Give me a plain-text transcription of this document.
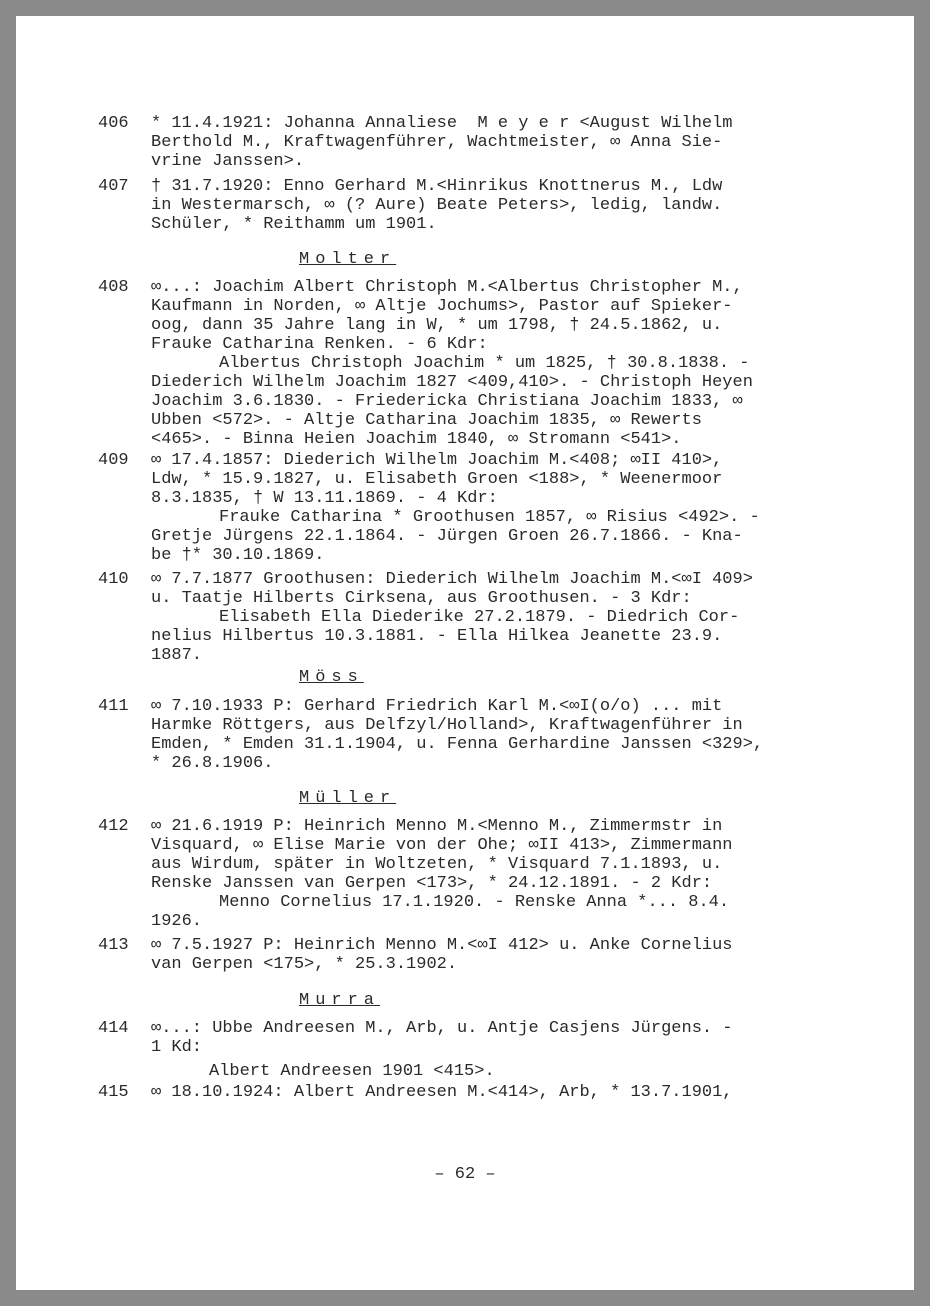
406 * 11.4.1921: Johanna Annaliese  M e y e r <August Wilhelm
Berthold M., Kraftwagenführer, Wachtmeister, ∞ Anna Sie-
vrine Janssen>.
407 † 31.7.1920: Enno Gerhard M.<Hinrikus Knottnerus M., Ldw
in Westermarsch, ∞ (? Aure) Beate Peters>, ledig, landw.
Schüler, * Reithamm um 1901.
Molter
408 ∞...: Joachim Albert Christoph M.<Albertus Christopher M.,
Kaufmann in Norden, ∞ Altje Jochums>, Pastor auf Spieker-
oog, dann 35 Jahre lang in W, * um 1798, † 24.5.1862, u.
Frauke Catharina Renken. - 6 Kdr:
Albertus Christoph Joachim * um 1825, † 30.8.1838. -
Diederich Wilhelm Joachim 1827 <409,410>. - Christoph Heyen
Joachim 3.6.1830. - Friedericka Christiana Joachim 1833, ∞
Ubben <572>. - Altje Catharina Joachim 1835, ∞ Rewerts
<465>. - Binna Heien Joachim 1840, ∞ Stromann <541>.
409 ∞ 17.4.1857: Diederich Wilhelm Joachim M.<408; ∞II 410>,
Ldw, * 15.9.1827, u. Elisabeth Groen <188>, * Weenermoor
8.3.1835, † W 13.11.1869. - 4 Kdr:
Frauke Catharina * Groothusen 1857, ∞ Risius <492>. -
Gretje Jürgens 22.1.1864. - Jürgen Groen 26.7.1866. - Kna-
be †* 30.10.1869.
410 ∞ 7.7.1877 Groothusen: Diederich Wilhelm Joachim M.<∞I 409>
u. Taatje Hilberts Cirksena, aus Groothusen. - 3 Kdr:
Elisabeth Ella Diederike 27.2.1879. - Diedrich Cor-
nelius Hilbertus 10.3.1881. - Ella Hilkea Jeanette 23.9.
1887.
Möss
411 ∞ 7.10.1933 P: Gerhard Friedrich Karl M.<∞I(o/o) ... mit
Harmke Röttgers, aus Delfzyl/Holland>, Kraftwagenführer in
Emden, * Emden 31.1.1904, u. Fenna Gerhardine Janssen <329>,
* 26.8.1906.
Müller
412 ∞ 21.6.1919 P: Heinrich Menno M.<Menno M., Zimmermstr in
Visquard, ∞ Elise Marie von der Ohe; ∞II 413>, Zimmermann
aus Wirdum, später in Woltzeten, * Visquard 7.1.1893, u.
Renske Janssen van Gerpen <173>, * 24.12.1891. - 2 Kdr:
Menno Cornelius 17.1.1920. - Renske Anna *... 8.4.
1926.
413 ∞ 7.5.1927 P: Heinrich Menno M.<∞I 412> u. Anke Cornelius
van Gerpen <175>, * 25.3.1902.
Murra
414 ∞...: Ubbe Andreesen M., Arb, u. Antje Casjens Jürgens. -
1 Kd:
Albert Andreesen 1901 <415>.
415 ∞ 18.10.1924: Albert Andreesen M.<414>, Arb, * 13.7.1901,
– 62 –
